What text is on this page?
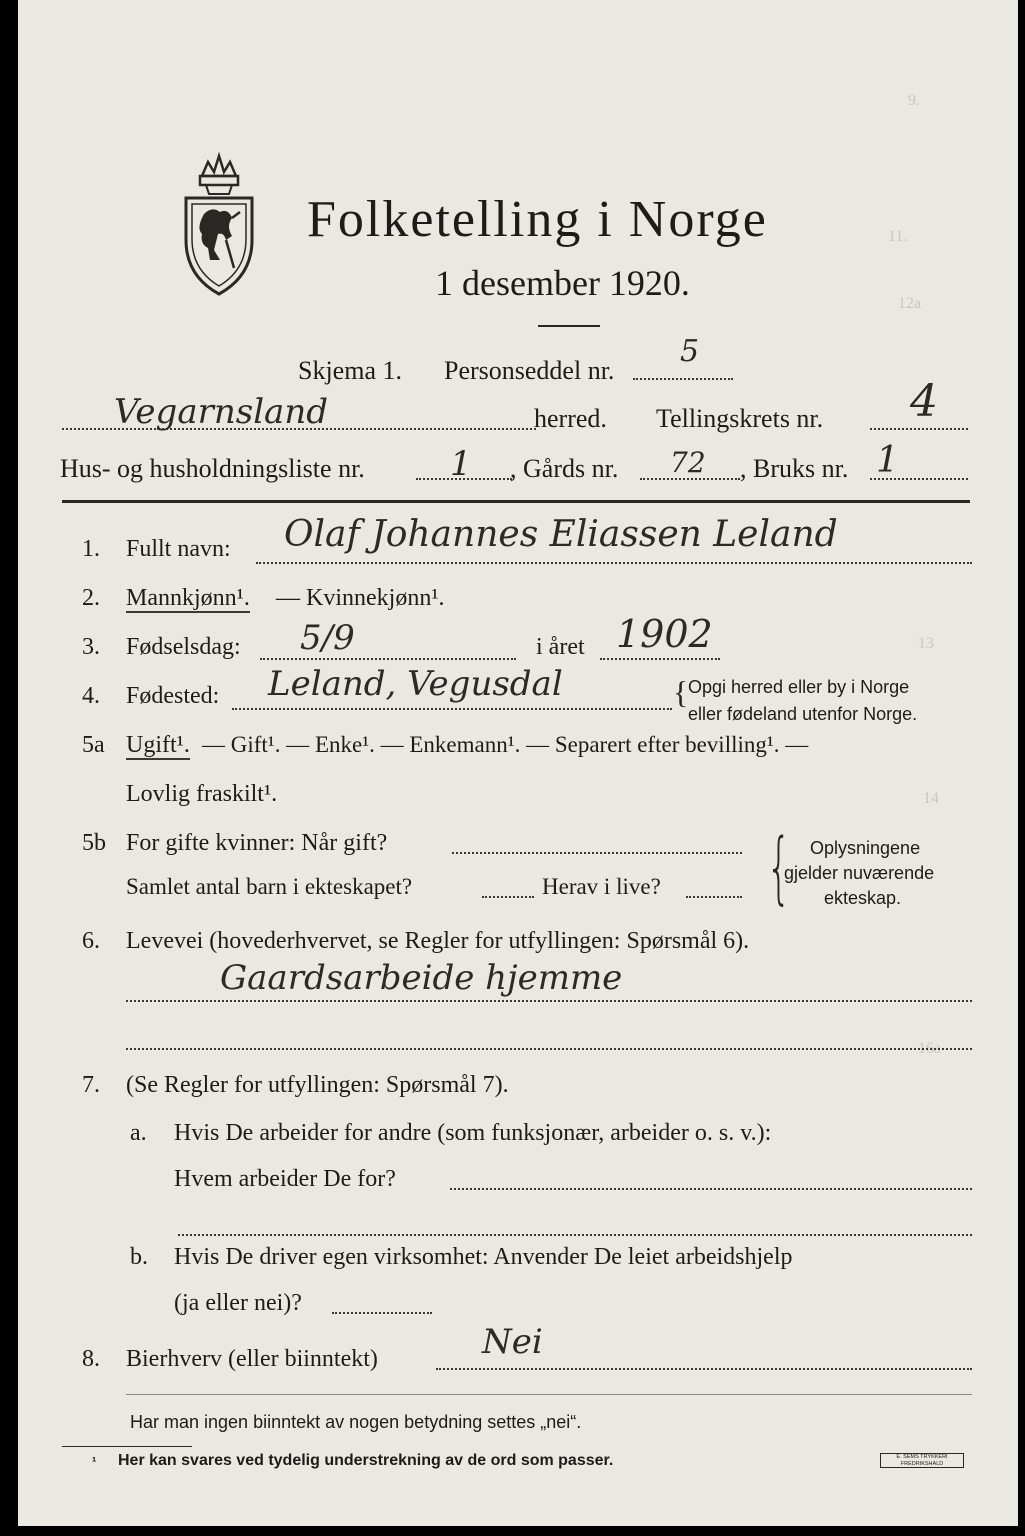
9.
11.
12a
13
14
16a
Folketelling i Norge
1 desember 1920.
Skjema 1. Personseddel nr.
5
Vegarnsland	herred. Tellingskrets nr. 4
Hus- og husholdningsliste nr.	1 , Gårds nr. 72 , Bruks nr. 1
1. Fullt navn: Olaf Johannes Eliassen Leland
2. Mannkjønn¹. — Kvinnekjønn¹.
3. Fødselsdag: 5/9	i året 1902
4. Fødested: Leland, Vegusdal	{ Opgi herred eller by i Norge
eller fødeland utenfor Norge.
5a Ugift¹. — Gift¹. — Enke¹. — Enkemann¹. — Separert efter bevilling¹. —
Lovlig fraskilt¹.
5b For gifte kvinner: Når gift?
Samlet antal barn i ekteskapet?	Herav i live? { Oplysningene
gjelder nuværende
ekteskap.
6. Levevei (hovederhvervet, se Regler for utfyllingen: Spørsmål 6).
Gaardsarbeide hjemme
7. (Se Regler for utfyllingen: Spørsmål 7).
a. Hvis De arbeider for andre (som funksjonær, arbeider o. s. v.):
Hvem arbeider De for?
b. Hvis De driver egen virksomhet: Anvender De leiet arbeidshjelp
(ja eller nei)?
8. Bierhverv (eller biinntekt)	Nei
Har man ingen biinntekt av nogen betydning settes „nei“.
¹ Her kan svares ved tydelig understrekning av de ord som passer.	E. SEMS TRYKKERI FREDRIKSHALD
